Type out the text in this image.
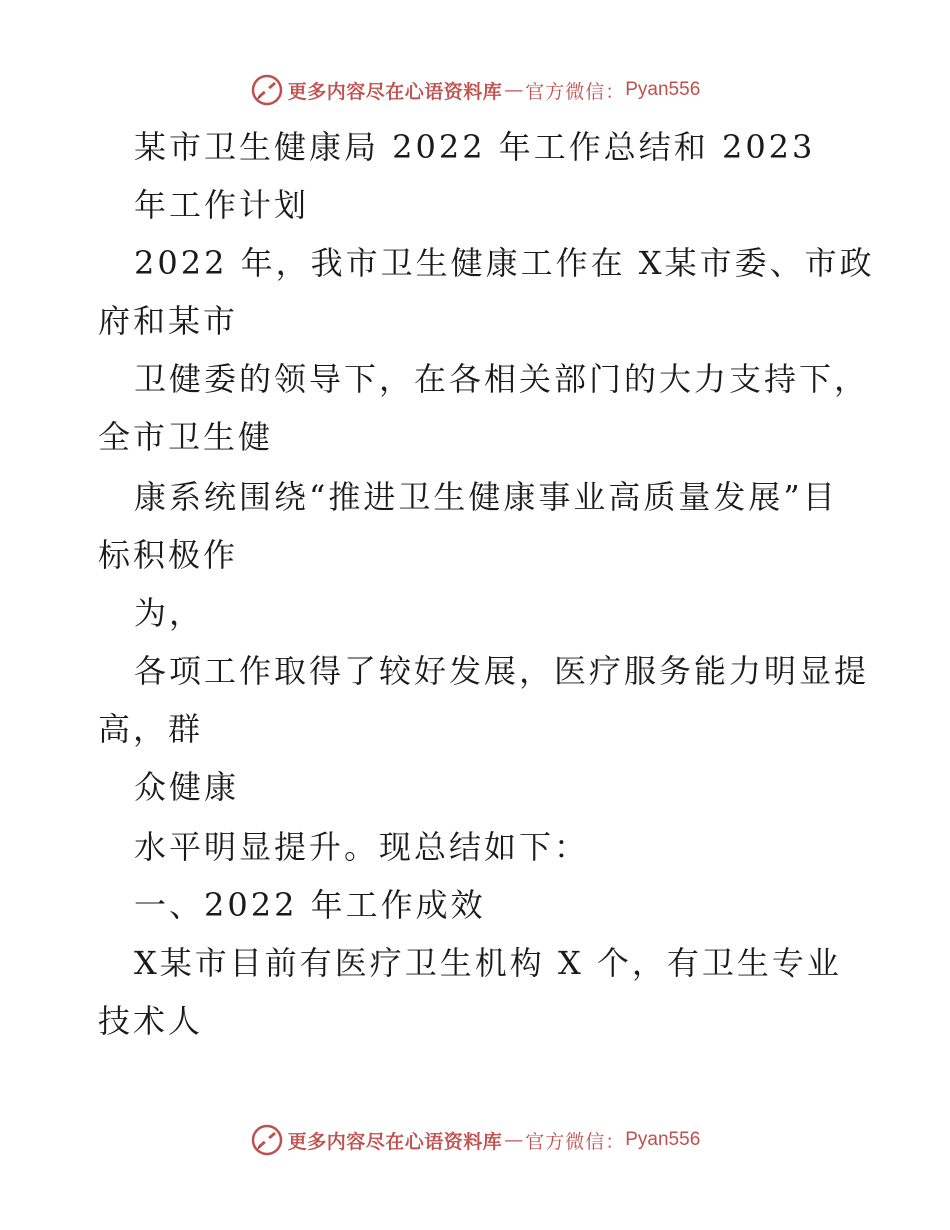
更多内容尽在心语资料库 — 官方微信： Pyan556
某市卫生健康局 2022 年工作总结和 2023
年工作计划
2022 年，我市卫生健康工作在 X某市委、市政
府和某市
卫健委的领导下，在各相关部门的大力支持下，
全市卫生健
康系统围绕“推进卫生健康事业高质量发展”目
标积极作
为，
各项工作取得了较好发展，医疗服务能力明显提
高，群
众健康
水平明显提升。现总结如下：
一、2022 年工作成效
X某市目前有医疗卫生机构 X 个，有卫生专业
技术人
更多内容尽在心语资料库 — 官方微信： Pyan556
